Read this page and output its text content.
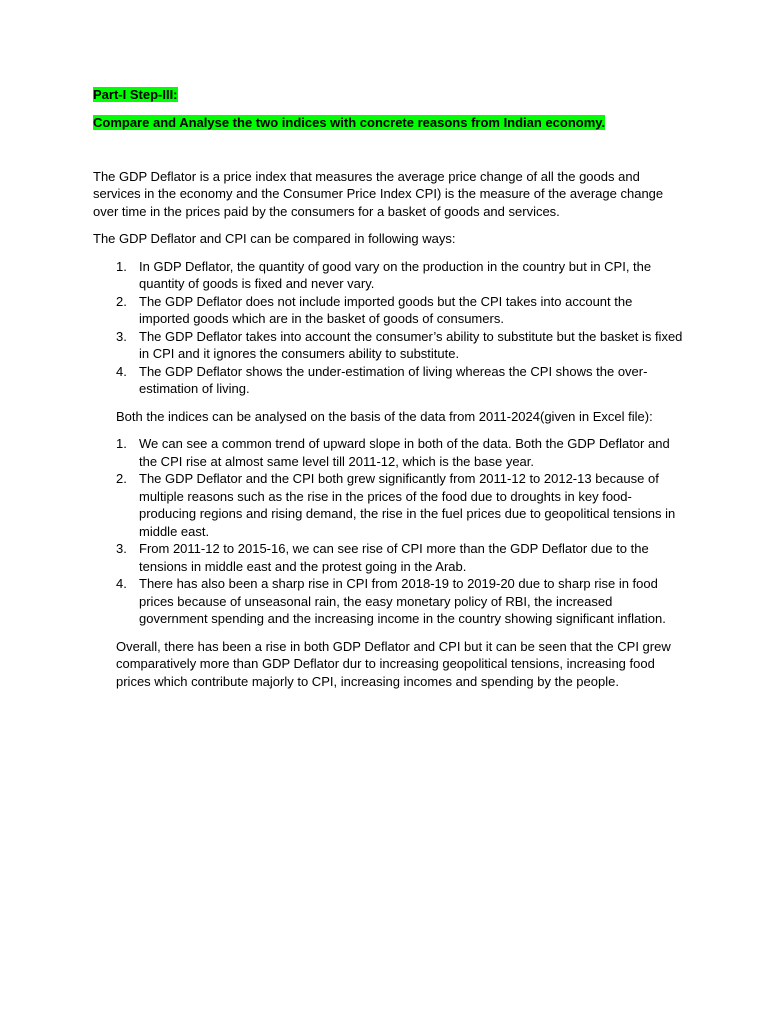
Part-I Step-III:
Compare and Analyse the two indices with concrete reasons from Indian economy.

The GDP Deflator is a price index that measures the average price change of all the goods and services in the economy and the Consumer Price Index CPI) is the measure of the average change over time in the prices paid by the consumers for a basket of goods and services.

The GDP Deflator and CPI can be compared in following ways:

1. In GDP Deflator, the quantity of good vary on the production in the country but in CPI, the quantity of goods is fixed and never vary.
2. The GDP Deflator does not include imported goods but the CPI takes into account the imported goods which are in the basket of goods of consumers.
3. The GDP Deflator takes into account the consumer’s ability to substitute but the basket is fixed in CPI and it ignores the consumers ability to substitute.
4. The GDP Deflator shows the under-estimation of living whereas the CPI shows the over-estimation of living.

Both the indices can be analysed on the basis of the data from 2011-2024(given in Excel file):

1. We can see a common trend of upward slope in both of the data. Both the GDP Deflator and the CPI rise at almost same level till 2011-12, which is the base year.
2. The GDP Deflator and the CPI both grew significantly from 2011-12 to 2012-13 because of multiple reasons such as the rise in the prices of the food due to droughts in key food-producing regions and rising demand, the rise in the fuel prices due to geopolitical tensions in middle east.
3. From 2011-12 to 2015-16, we can see rise of CPI more than the GDP Deflator due to the tensions in middle east and the protest going in the Arab.
4. There has also been a sharp rise in CPI from 2018-19 to 2019-20 due to sharp rise in food prices because of unseasonal rain, the easy monetary policy of RBI, the increased government spending and the increasing income in the country showing significant inflation.

Overall, there has been a rise in both GDP Deflator and CPI but it can be seen that the CPI grew comparatively more than GDP Deflator dur to increasing geopolitical tensions, increasing food prices which contribute majorly to CPI, increasing incomes and spending by the people.
